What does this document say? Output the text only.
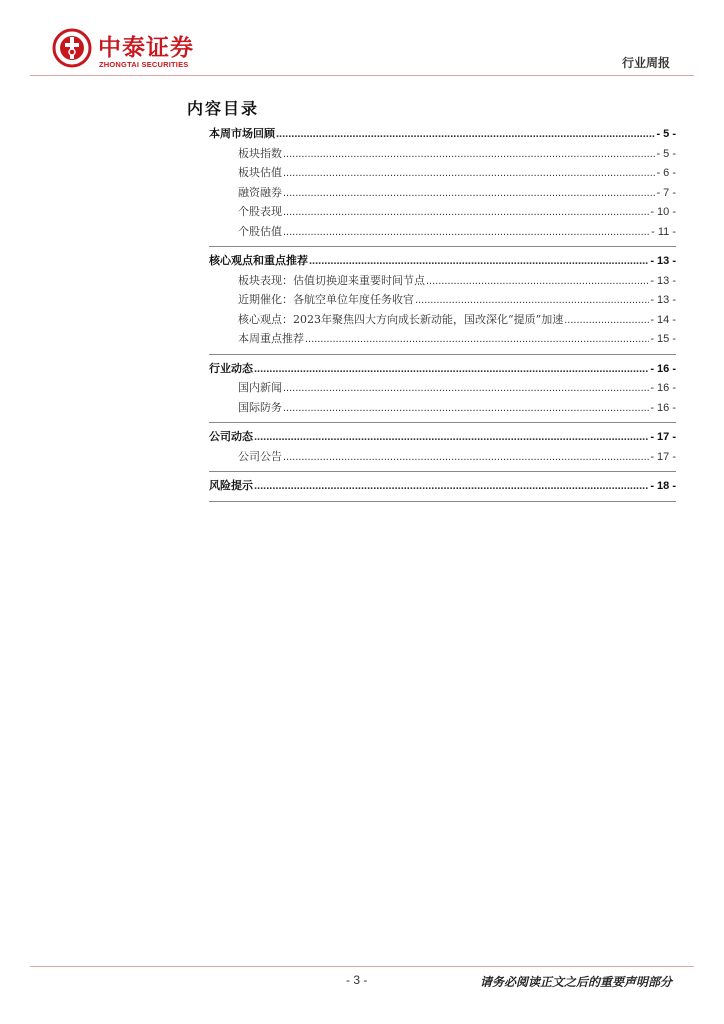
中泰证券
ZHONGTAI SECURITIES	行业周报
内容目录
本周市场回顾 .....	- 5 -
板块指数 .....	- 5 -
板块估值 .....	- 6 -
融资融券 .....	- 7 -
个股表现 .....	- 10 -
个股估值 .....	- 11 -
核心观点和重点推荐 .....	- 13 -
板块表现：估值切换迎来重要时间节点 .....	- 13 -
近期催化：各航空单位年度任务收官 .....	- 13 -
核心观点：2023年聚焦四大方向成长新动能，国改深化“提质”加速 .....	- 14 -
本周重点推荐 .....	- 15 -
行业动态 .....	- 16 -
国内新闻 .....	- 16 -
国际防务 .....	- 16 -
公司动态 .....	- 17 -
公司公告 .....	- 17 -
风险提示 .....	- 18 -
- 3 -	请务必阅读正文之后的重要声明部分
